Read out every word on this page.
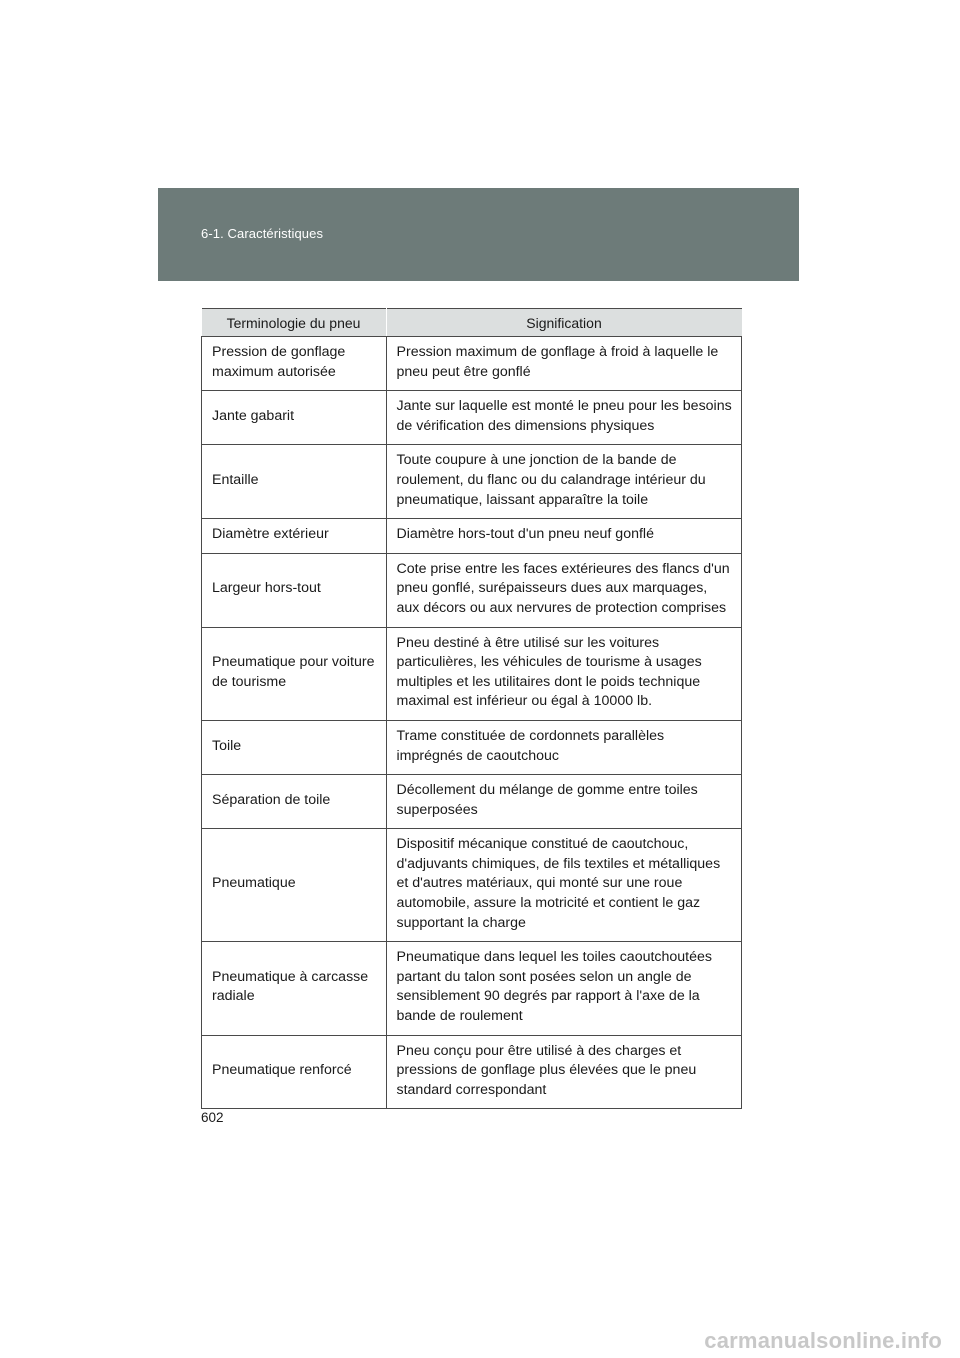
6-1. Caractéristiques
Terminologie du pneu	Signification
Pression de gonflage maximum autorisée	Pression maximum de gonflage à froid à laquelle le pneu peut être gonflé
Jante gabarit	Jante sur laquelle est monté le pneu pour les besoins de vérification des dimensions physiques
Entaille	Toute coupure à une jonction de la bande de roulement, du flanc ou du calandrage intérieur du pneumatique, laissant apparaître la toile
Diamètre extérieur	Diamètre hors-tout d'un pneu neuf gonflé
Largeur hors-tout	Cote prise entre les faces extérieures des flancs d'un pneu gonflé, surépaisseurs dues aux marquages, aux décors ou aux nervures de protection comprises
Pneumatique pour voiture de tourisme	Pneu destiné à être utilisé sur les voitures particulières, les véhicules de tourisme à usages multiples et les utilitaires dont le poids technique maximal est inférieur ou égal à 10000 lb.
Toile	Trame constituée de cordonnets parallèles imprégnés de caoutchouc
Séparation de toile	Décollement du mélange de gomme entre toiles superposées
Pneumatique	Dispositif mécanique constitué de caoutchouc, d'adjuvants chimiques, de fils textiles et métalliques et d'autres matériaux, qui monté sur une roue automobile, assure la motricité et contient le gaz supportant la charge
Pneumatique à carcasse radiale	Pneumatique dans lequel les toiles caoutchoutées partant du talon sont posées selon un angle de sensiblement 90 degrés par rapport à l'axe de la bande de roulement
Pneumatique renforcé	Pneu conçu pour être utilisé à des charges et pressions de gonflage plus élevées que le pneu standard correspondant
602
carmanualsonline.info
